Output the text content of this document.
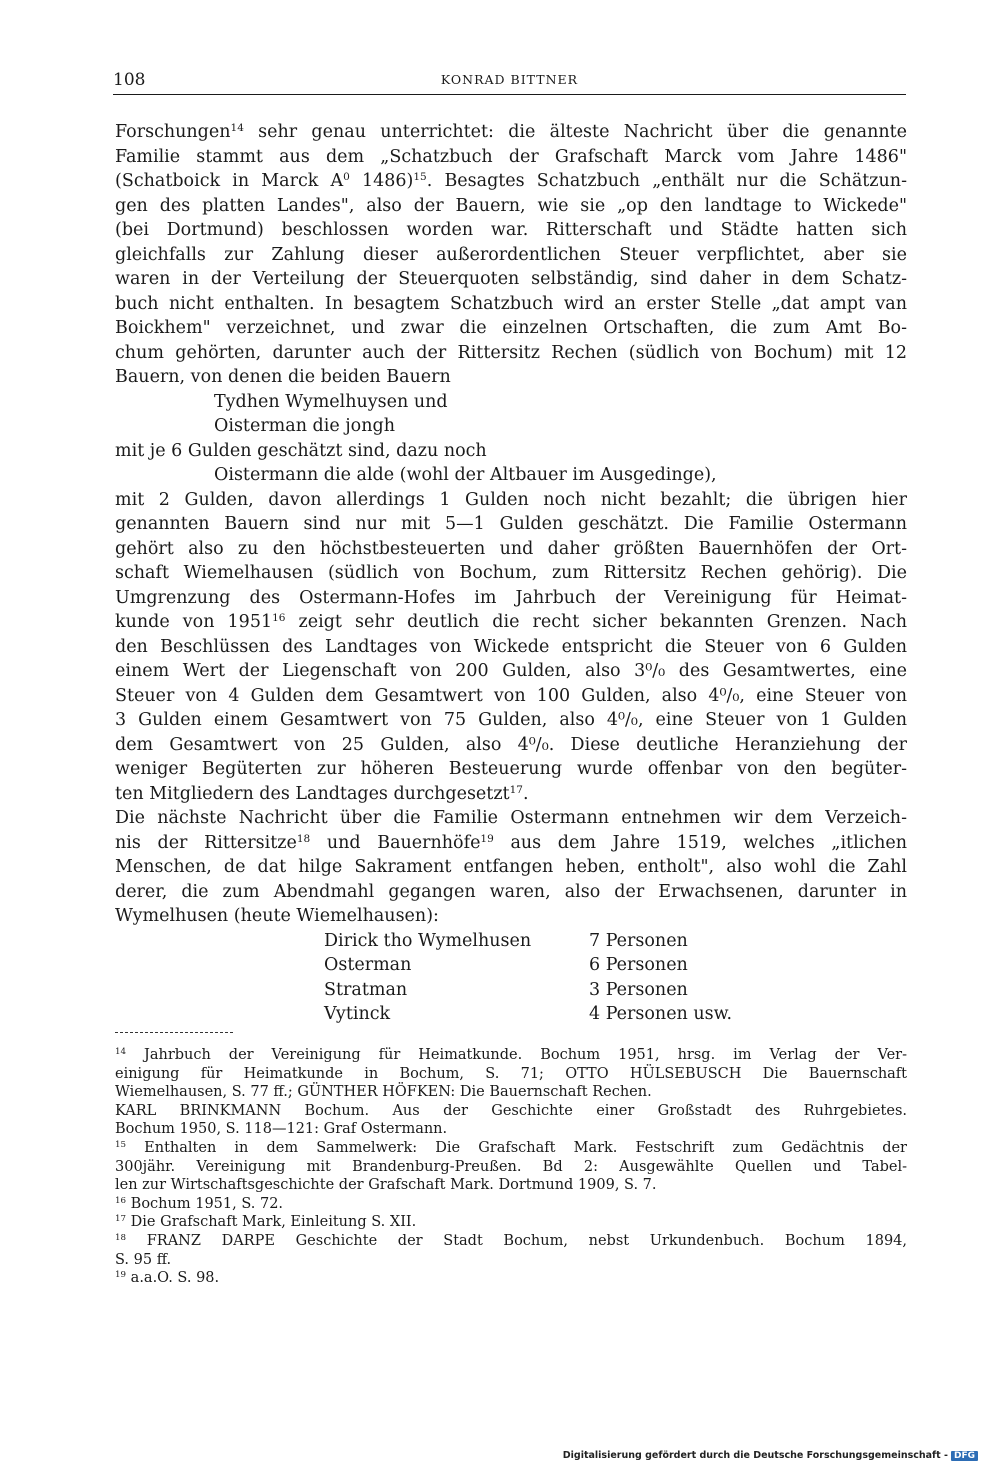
108	KONRAD BITTNER
Forschungen$^{14}$ sehr genau unterrichtet: die älteste Nachricht über die genannte
Familie stammt aus dem „Schatzbuch der Grafschaft Marck vom Jahre 1486"
(Schatboick in Marck $A^0$ 1486)$^{15}$. Besagtes Schatzbuch „enthält nur die Schätzun-
gen des platten Landes", also der Bauern, wie sie „op den landtage to Wickede"
(bei Dortmund) beschlossen worden war. Ritterschaft und Städte hatten sich
gleichfalls zur Zahlung dieser außerordentlichen Steuer verpflichtet, aber sie
waren in der Verteilung der Steuerquoten selbständig, sind daher in dem Schatz-
buch nicht enthalten. In besagtem Schatzbuch wird an erster Stelle „dat ampt van
Boickhem" verzeichnet, und zwar die einzelnen Ortschaften, die zum Amt Bo-
chum gehörten, darunter auch der Rittersitz Rechen (südlich von Bochum) mit 12
Bauern, von denen die beiden Bauern
Tydhen Wymelhuysen und
Oisterman die jongh
mit je 6 Gulden geschätzt sind, dazu noch
Oistermann die alde (wohl der Altbauer im Ausgedinge),
mit 2 Gulden, davon allerdings 1 Gulden noch nicht bezahlt; die übrigen hier
genannten Bauern sind nur mit 5—1 Gulden geschätzt. Die Familie Ostermann
gehört also zu den höchstbesteuerten und daher größten Bauernhöfen der Ort-
schaft Wiemelhausen (südlich von Bochum, zum Rittersitz Rechen gehörig). Die
Umgrenzung des Ostermann-Hofes im Jahrbuch der Vereinigung für Heimat-
kunde von 1951$^{16}$ zeigt sehr deutlich die recht sicher bekannten Grenzen. Nach
den Beschlüssen des Landtages von Wickede entspricht die Steuer von 6 Gulden
einem Wert der Liegenschaft von 200 Gulden, also 3⁰/₀ des Gesamtwertes, eine
Steuer von 4 Gulden dem Gesamtwert von 100 Gulden, also 4⁰/₀, eine Steuer von
3 Gulden einem Gesamtwert von 75 Gulden, also 4⁰/₀, eine Steuer von 1 Gulden
dem Gesamtwert von 25 Gulden, also 4⁰/₀. Diese deutliche Heranziehung der
weniger Begüterten zur höheren Besteuerung wurde offenbar von den begüter-
ten Mitgliedern des Landtages durchgesetzt$^{17}$.
Die nächste Nachricht über die Familie Ostermann entnehmen wir dem Verzeich-
nis der Rittersitze$^{18}$ und Bauernhöfe$^{19}$ aus dem Jahre 1519, welches „itlichen
Menschen, de dat hilge Sakrament entfangen heben, entholt", also wohl die Zahl
derer, die zum Abendmahl gegangen waren, also der Erwachsenen, darunter in
Wymelhusen (heute Wiemelhausen):
Dirick tho Wymelhusen	7 Personen
Osterman	6 Personen
Stratman	3 Personen
Vytinck	4 Personen usw.
$^{14}$ Jahrbuch der Vereinigung für Heimatkunde. Bochum 1951, hrsg. im Verlag der Ver-
einigung für Heimatkunde in Bochum, S. 71; OTTO HÜLSEBUSCH Die Bauernschaft
Wiemelhausen, S. 77 ff.; GÜNTHER HÖFKEN: Die Bauernschaft Rechen.
KARL BRINKMANN Bochum. Aus der Geschichte einer Großstadt des Ruhrgebietes.
Bochum 1950, S. 118—121: Graf Ostermann.
$^{15}$ Enthalten in dem Sammelwerk: Die Grafschaft Mark. Festschrift zum Gedächtnis der
300jähr. Vereinigung mit Brandenburg-Preußen. Bd 2: Ausgewählte Quellen und Tabel-
len zur Wirtschaftsgeschichte der Grafschaft Mark. Dortmund 1909, S. 7.
$^{16}$ Bochum 1951, S. 72.
$^{17}$ Die Grafschaft Mark, Einleitung S. XII.
$^{18}$ FRANZ DARPE Geschichte der Stadt Bochum, nebst Urkundenbuch. Bochum 1894,
S. 95 ff.
$^{19}$ a.a.O. S. 98.
Digitalisierung gefördert durch die Deutsche Forschungsgemeinschaft - DFG
